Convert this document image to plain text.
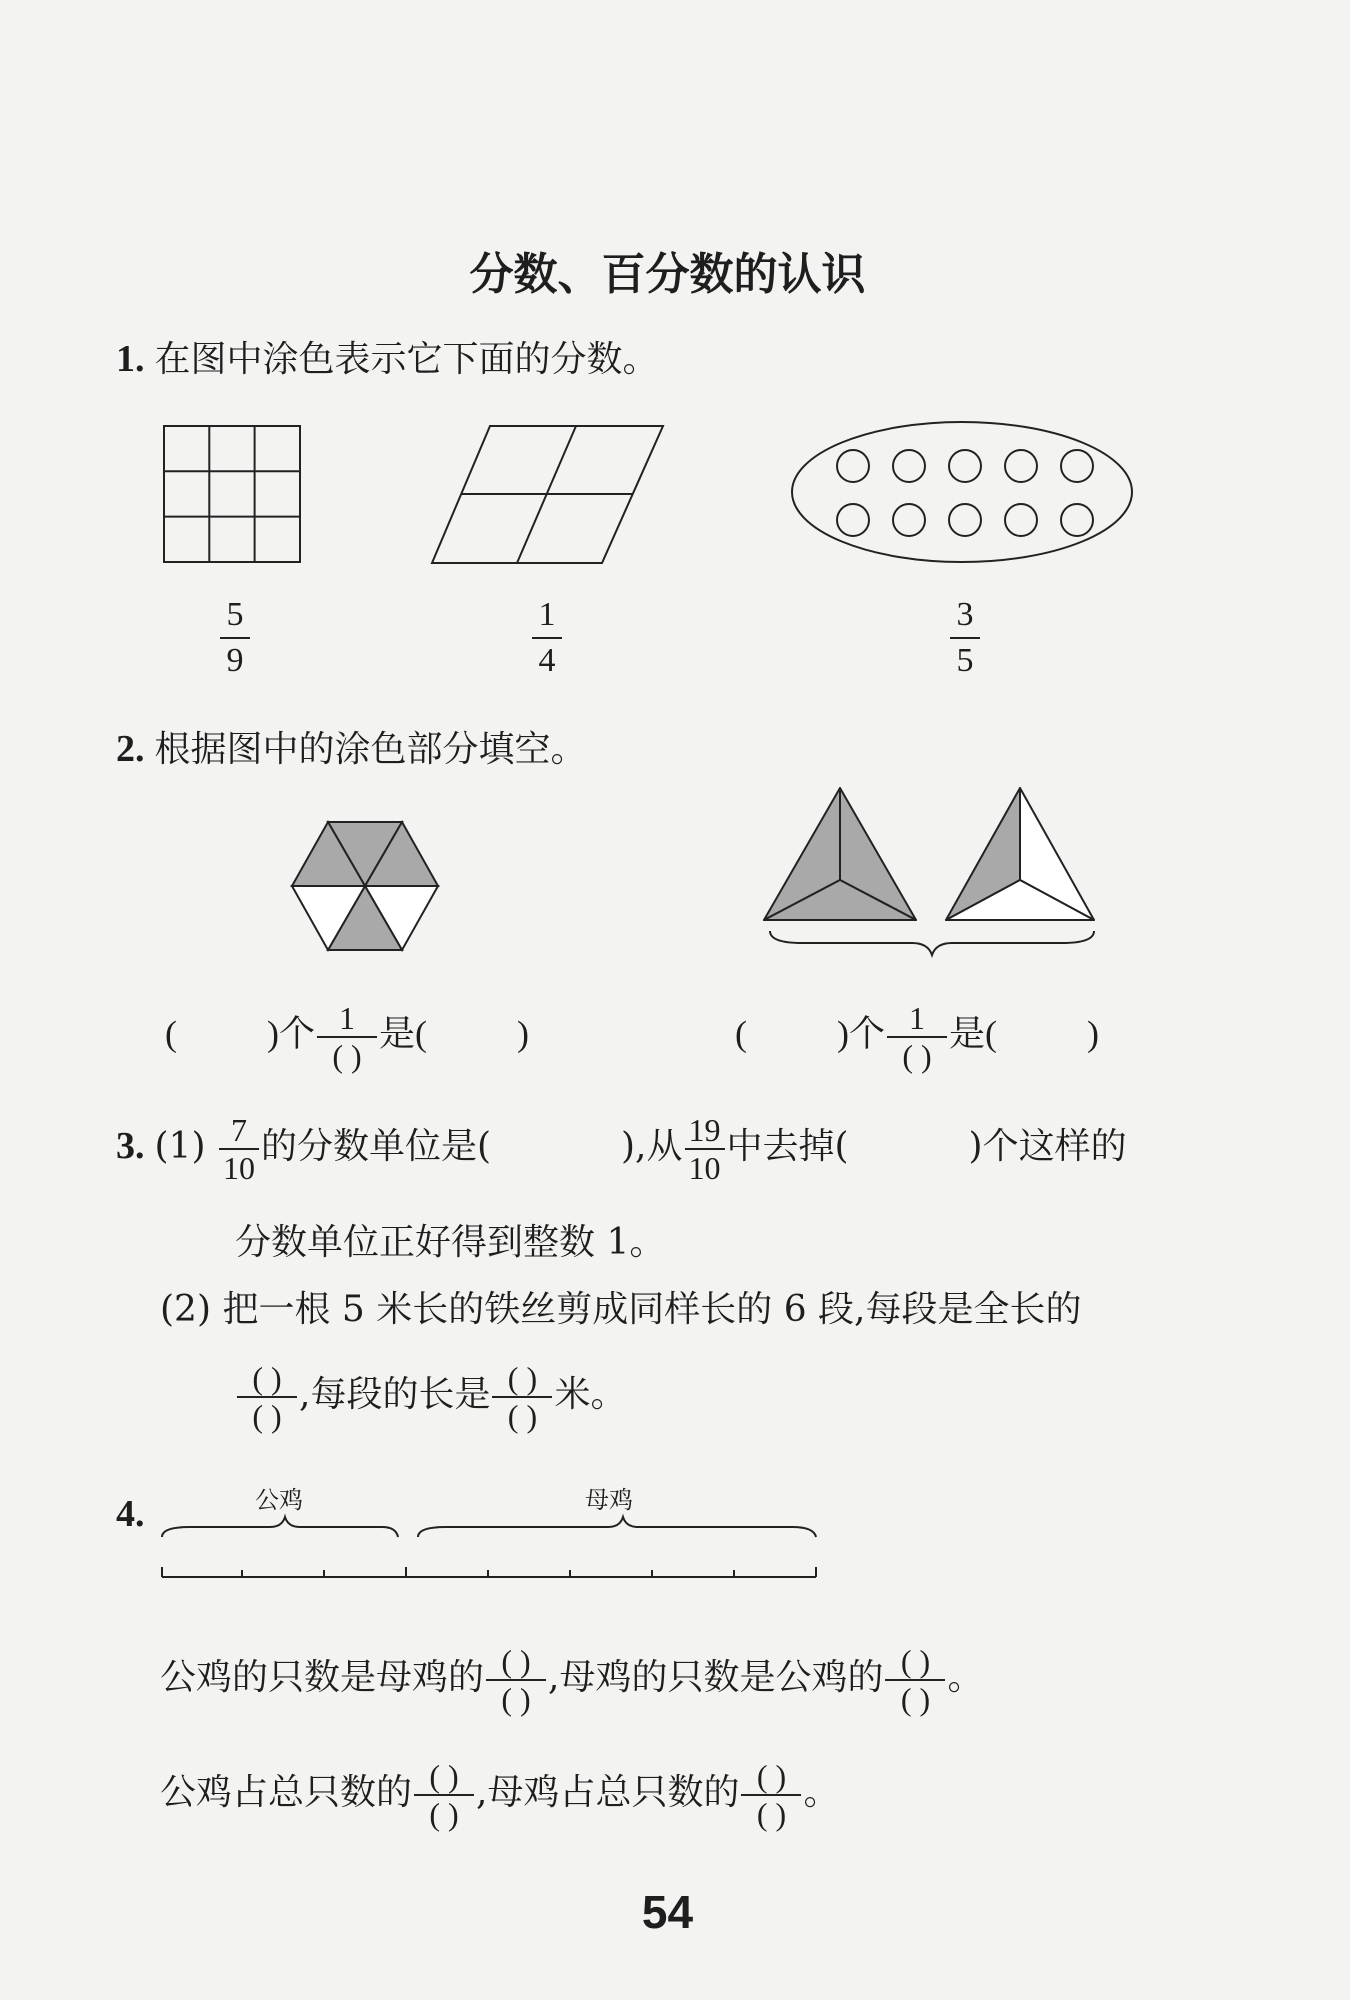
分数、百分数的认识
1. 在图中涂色表示它下面的分数。
5
9
1
4
3
5
2. 根据图中的涂色部分填空。
(	)个 1
( )
是(	)	(	)个 1
( )
是(	)
3. $(1) \frac{7}{10}$ 的分数单位是(	),从 $\frac{19}{10}$ 中去掉(	)个这样的
分数单位正好得到整数 1。
(2) 把一根 5 米长的铁丝剪成同样长的 6 段,每段是全长的
( )
( )
,每段的长是 ( )
( )
米。
4.	公鸡	母鸡
公鸡的只数是母鸡的 ( )
( )
,母鸡的只数是公鸡的 ( )
( )
。
公鸡占总只数的 ( )
( )
,母鸡占总只数的 ( )
( )
。
54
